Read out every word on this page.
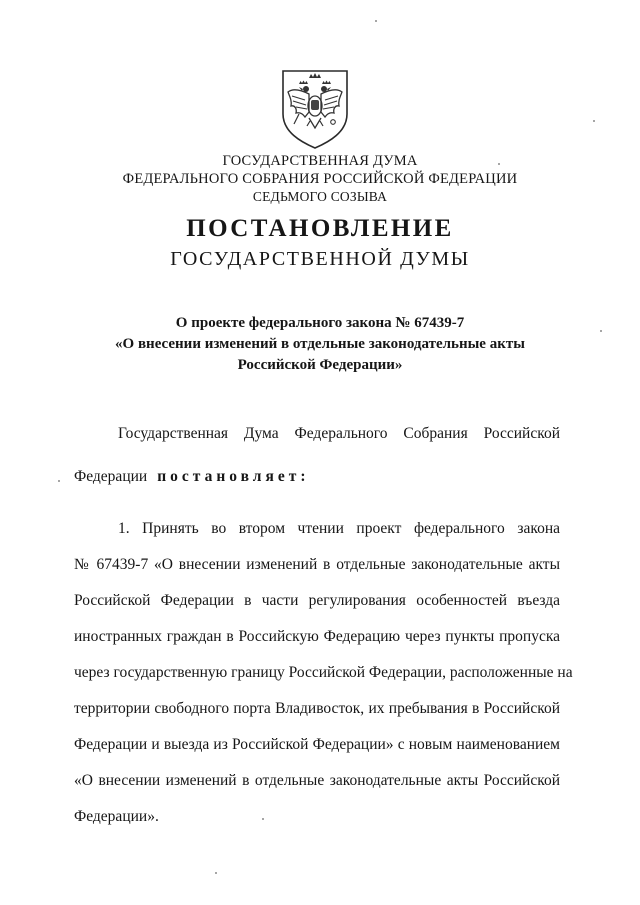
ГОСУДАРСТВЕННАЯ ДУМА
ФЕДЕРАЛЬНОГО СОБРАНИЯ РОССИЙСКОЙ ФЕДЕРАЦИИ
СЕДЬМОГО СОЗЫВА
ПОСТАНОВЛЕНИЕ
ГОСУДАРСТВЕННОЙ ДУМЫ
О проекте федерального закона № 67439-7
«О внесении изменений в отдельные законодательные акты
Российской Федерации»
Государственная Дума Федерального Собрания Российской
Федерации постановляет:
1. Принять во втором чтении проект федерального закона
№ 67439-7 «О внесении изменений в отдельные законодательные акты
Российской Федерации в части регулирования особенностей въезда
иностранных граждан в Российскую Федерацию через пункты пропуска
через государственную границу Российской Федерации, расположенные на
территории свободного порта Владивосток, их пребывания в Российской
Федерации и выезда из Российской Федерации» с новым наименованием
«О внесении изменений в отдельные законодательные акты Российской
Федерации».
